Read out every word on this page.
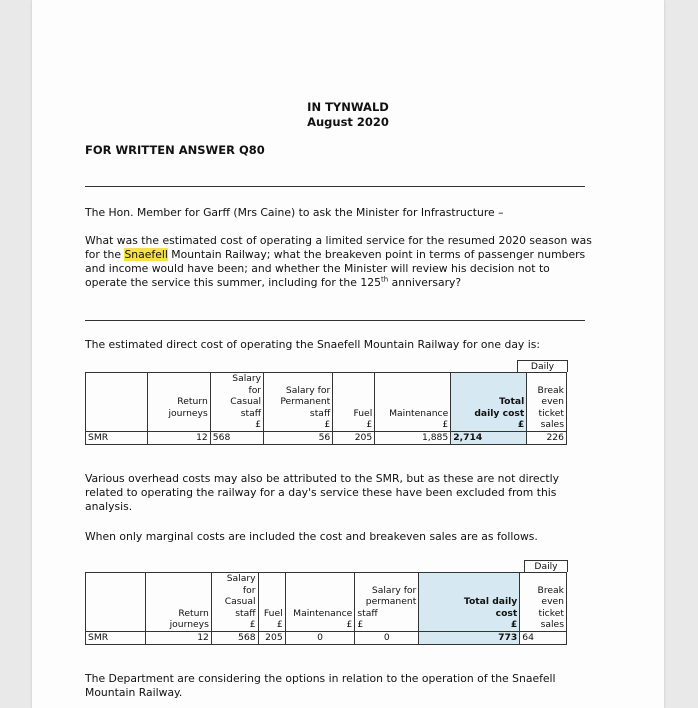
IN TYNWALD
August 2020
FOR WRITTEN ANSWER Q80
The Hon. Member for Garff (Mrs Caine) to ask the Minister for Infrastructure –
What was the estimated cost of operating a limited service for the resumed 2020 season was for the Snaefell Mountain Railway; what the breakeven point in terms of passenger numbers and income would have been; and whether the Minister will review his decision not to operate the service this summer, including for the 125th anniversary?
The estimated direct cost of operating the Snaefell Mountain Railway for one day is:
Daily

	Return
journeys	Salary
for
Casual
staff
£	Salary for
Permanent
staff
£	Fuel
£	Maintenance
£	Total
daily cost
£	Break
even
ticket
sales

SMR	12	568	56	205	1,885	2,714	226
Various overhead costs may also be attributed to the SMR, but as these are not directly related to operating the railway for a day's service these have been excluded from this analysis.
When only marginal costs are included the cost and breakeven sales are as follows.
Daily

	Return
journeys	Salary
for
Casual
staff
£	Fuel
£	Maintenance
£	Salary for
permanent
staff
£	Total daily
cost
£	Break
even
ticket
sales

SMR	12	568	205	0	0	773	64
The Department are considering the options in relation to the operation of the Snaefell Mountain Railway.
